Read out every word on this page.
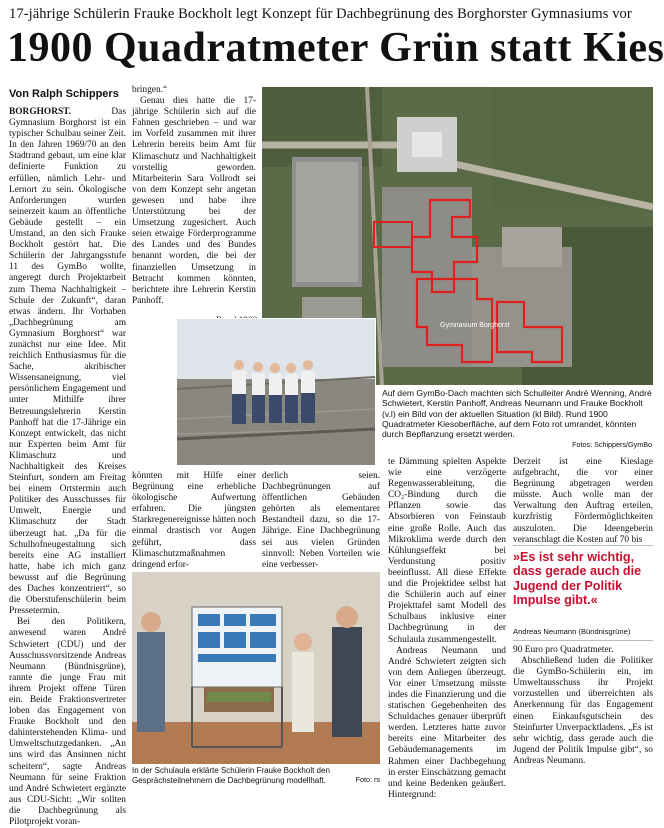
17-jährige Schülerin Frauke Bockholt legt Konzept für Dachbegrünung des Borghorster Gymnasiums vor
1900 Quadratmeter Grün statt Kies
Von Ralph Schippers

BORGHORST.	Das Gymnasium Borghorst ist ein typischer Schulbau seiner Zeit. In den Jahren 1969/70 an den Stadtrand gebaut, um eine klar definierte Funktion zu erfüllen, nämlich Lehr- und Lernort zu sein. Ökologische Anforderungen wurden seinerzeit kaum an öffentliche Gebäude gestellt – ein Umstand, an den sich Frauke Bockholt gestört hat. Die Schülerin der Jahrgangsstufe 11 des GymBo wollte, angeregt durch Projektarbeit zum Thema Nachhaltigkeit – Schule der Zukunft“, daran etwas ändern. Ihr Vorhaben „Dachbegrünung am Gymnasium Borghorst“ war zunächst nur eine Idee. Mit reichlich Enthusiasmus für die Sache, akribischer Wissensaneignung, viel persönlichem Engagement und unter Mithilfe ihrer Betreuungslehrerin Kerstin Panhoff hat die 17-Jährige ein Konzept entwickelt, das nicht nur Experten beim Amt für Klimaschutz und Nachhaltigkeit des Kreises Steinfurt, sondern am Freitag bei einem Ortstermin auch Politiker des Ausschusses für Umwelt, Energie und Klimaschutz der Stadt überzeugt hat. „Da für die Schulhofneugestaltung sich bereits eine AG installiert hatte, habe ich mich ganz bewusst auf die Begrünung des Daches konzentriert“, so die Oberstufenschülerin beim Pressetermin.

Bei den Politikern, anwesend waren André Schwietert (CDU) und der Ausschussvorsitzende Andreas Neumann (Bündnisgrüne), rannte die junge Frau mit ihrem Projekt offene Türen ein. Beide Fraktionsvertreter loben das Engagement von Frauke Bockholt und den dahinterstehenden Klima- und Umweltschutzgedanken. „An uns wird das Ansinnen nicht scheitern“, sagte Andreas Neumann für seine Fraktion und André Schwietert ergänzte aus CDU-Sicht: „Wir sollten die Dachbegrünung als Pilotprojekt voran-

bringen.“

Genau dies hatte die 17-jährige Schülerin sich auf die Fahnen geschrieben – und war im Vorfeld zusammen mit ihrer Lehrerin bereits beim Amt für Klimaschutz und Nachhaltigkeit vorstellig geworden. Mitarbeiterin Sara Vollrodt sei von dem Konzept sehr angetan gewesen und habe ihre Unterstützung bei der Umsetzung zugesichert. Auch seien etwaige Förderprogramme des Landes und des Bundes benannt worden, die bei der finanziellen Umsetzung in Betracht kommen könnten, berichtete ihre Lehrerin Kerstin Panhoff.

Gymnasium Borghorst
Auf dem GymBo-Dach machten sich Schulleiter André Wenning, André Schwietert, Kerstin Panhoff, Andreas Neumann und Frauke Bockholt (v.l) ein Bild von der aktuellen Situation (kl Bild). Rund 1900 Quadratmeter Kiesoberfläche, auf dem Foto rot umrandet, könnten durch Bepflanzung ersetzt werden.
Fotos: Schippers/GymBo

könnten mit Hilfe einer Begrünung eine erhebliche ökologische Aufwertung erfahren. Die jüngsten Starkregenereignisse hätten noch einmal drastisch vor Augen geführt, dass Klimaschutzmaßnahmen dringend erfor-

derlich seien. Dachbegrünungen auf öffentlichen Gebäuden gehörten als elementarer Bestandteil dazu, so die 17-Jährige. Eine Dachbegrünung sei aus vielen Gründen sinnvoll: Neben Vorteilen wie eine verbesser-

In der Schulaula erklärte Schülerin Frauke Bockholt den Gesprächsteilnehmern die Dachbegrünung modellhaft.	Foto: rs

te Dämmung spielten Aspekte wie eine verzögerte Regenwasserableitung, die CO₂-Bindung durch die Pflanzen sowie das Absorbieren von Feinstaub eine große Rolle. Auch das Mikroklima werde durch den Kühlungseffekt bei Verdunstung positiv beeinflusst. All diese Effekte und die Projektidee selbst hat die Schülerin auch auf einer Projekttafel samt Modell des Schulbaus inklusive einer Dachbegrünung in der Schulaula zusammengestellt.

Andreas Neumann und André Schwietert zeigten sich von dem Anliegen überzeugt. Vor einer Umsetzung müsste indes die Finanzierung und die statischen Gegebenheiten des Schuldaches genauer überprüft werden. Letzteres hatte zuvor bereits eine Mitarbeiter des Gebäudemanagements im Rahmen einer Dachbegehung in erster Einschätzung gemacht und keine Bedenken geäußert. Hintergrund:

Derzeit ist eine Kieslage aufgebracht, die vor einer Begrünung abgetragen werden müsste. Auch wolle man der Verwaltung den Auftrag erteilen, kurzfristig Fördermöglichkeiten auszuloten. Die Ideengeberin veranschlagt die Kosten auf 70 bis

»Es ist sehr wichtig, dass gerade auch die Jugend der Politik Impulse gibt.«
Andreas Neumann (Bündnisgrüne)

90 Euro pro Quadratmeter.

Abschließend luden die Politiker die GymBo-Schülerin ein, im Umweltausschuss ihr Projekt vorzustellen und überreichten als Anerkennung für das Engagement einen Einkaufsgutschein des Steinfurter Unverpacktladens. „Es ist sehr wichtig, dass gerade auch die Jugend der Politik Impulse gibt“, so Andreas Neumann.
